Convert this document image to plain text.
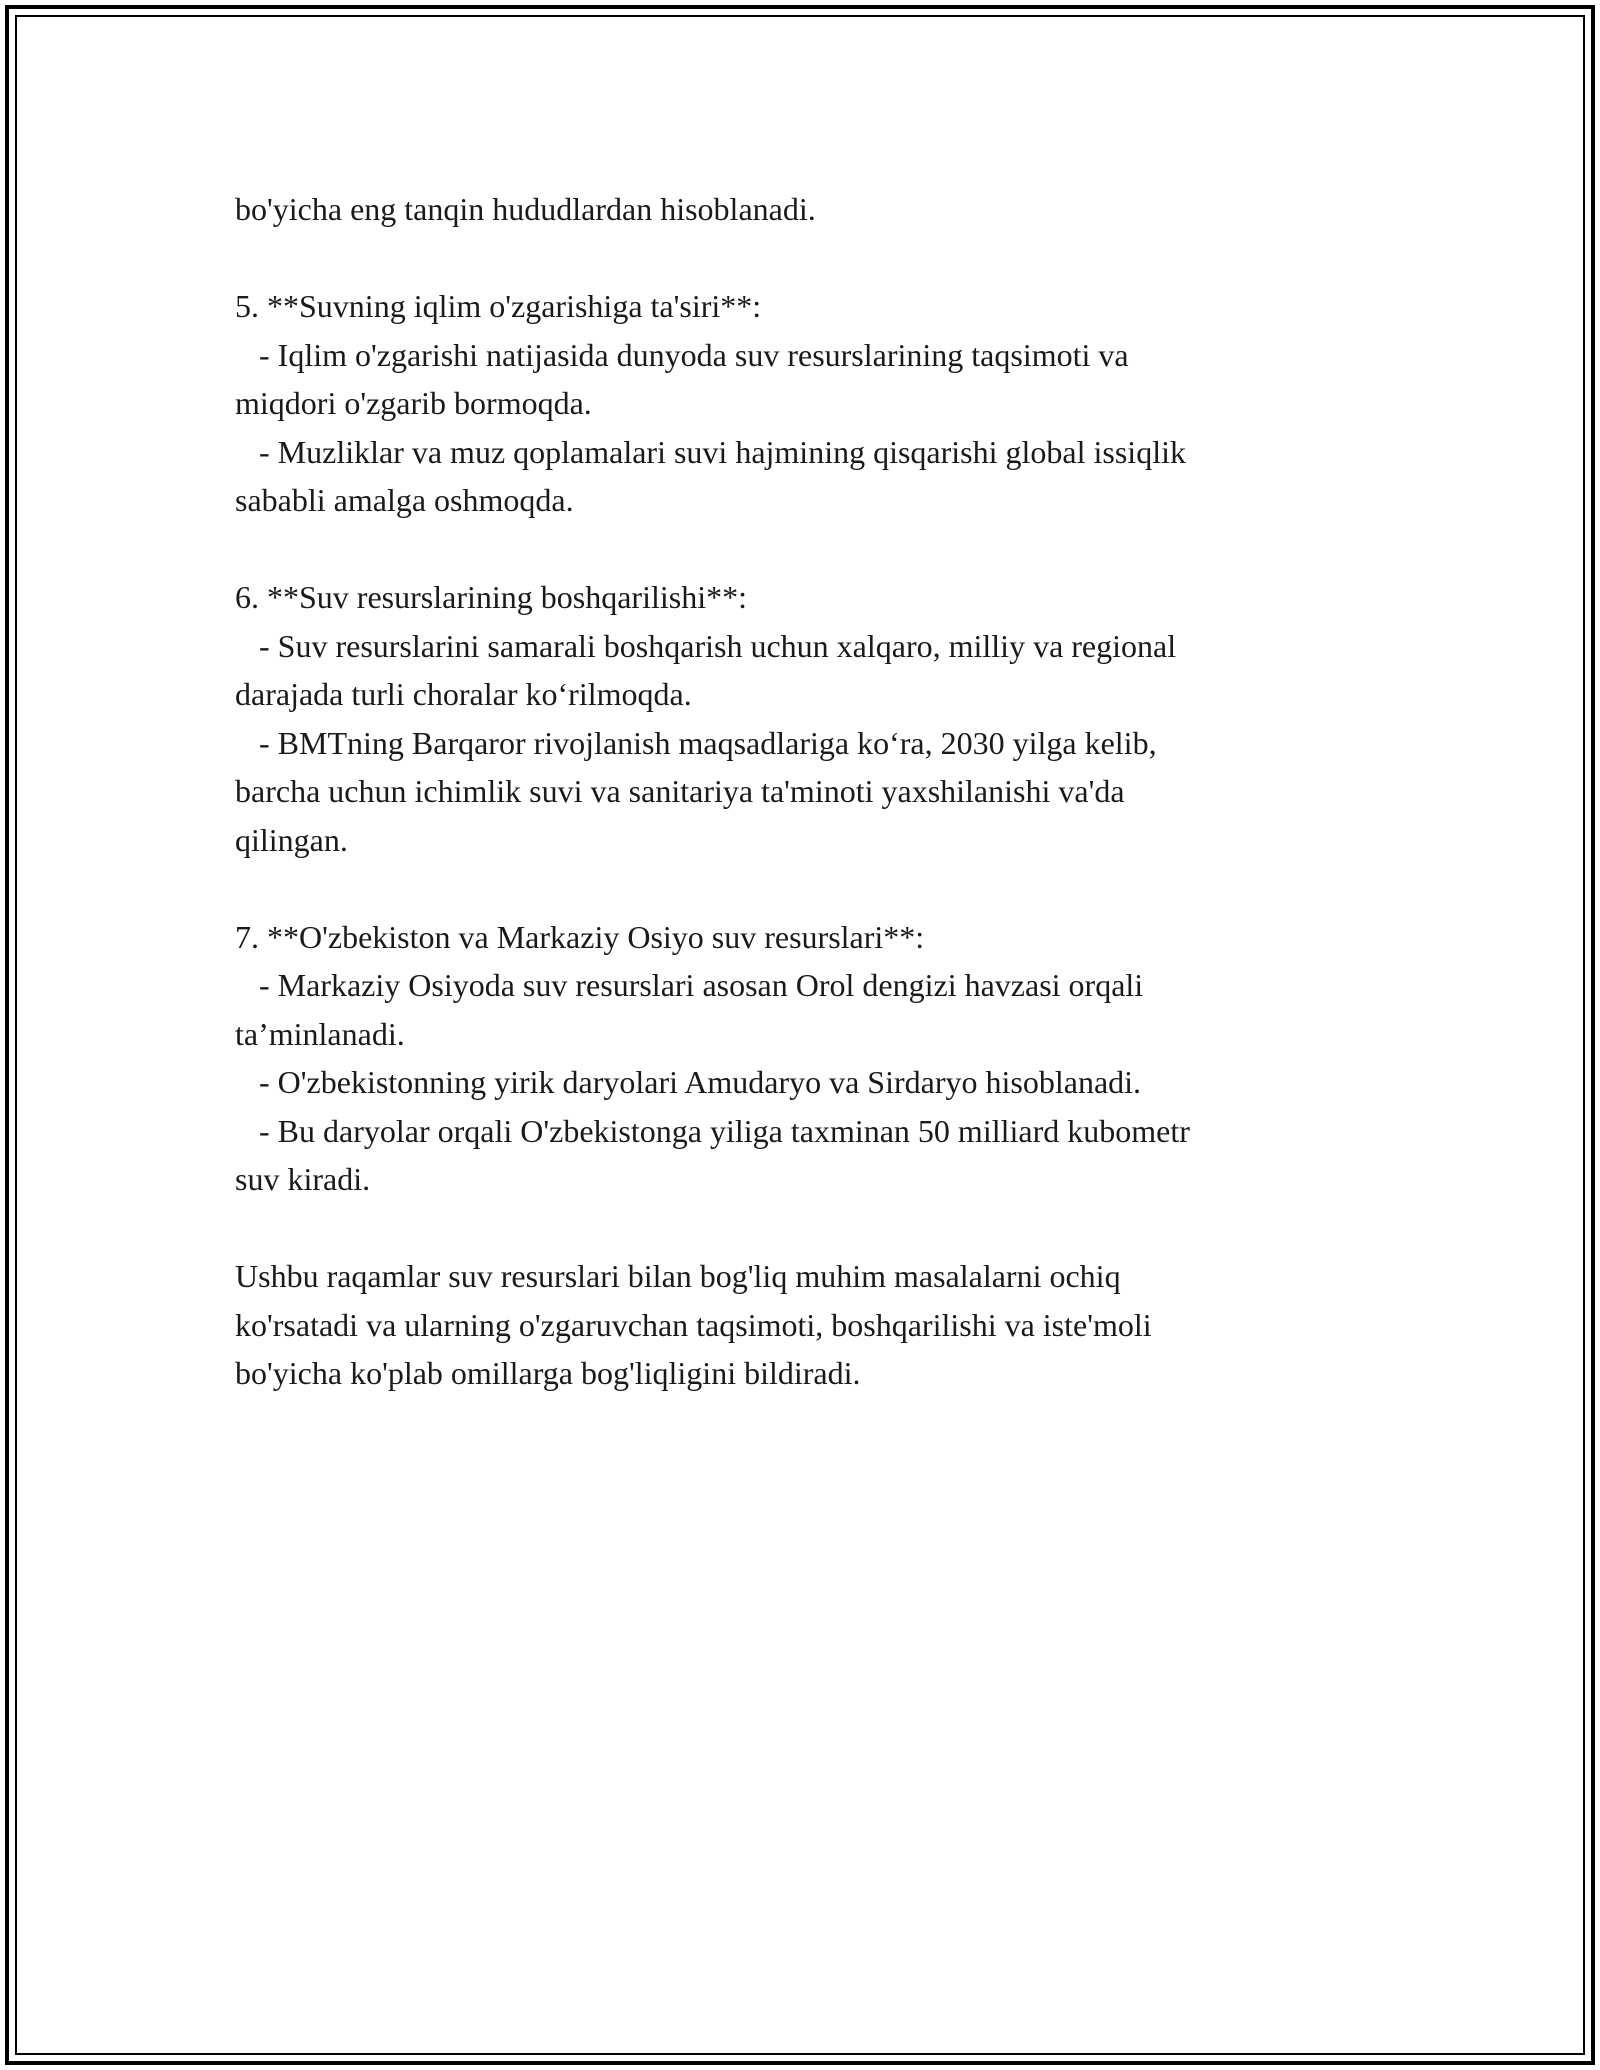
bo'yicha eng tanqin hududlardan hisoblanadi.
5. **Suvning iqlim o'zgarishiga ta'siri**:
- Iqlim o'zgarishi natijasida dunyoda suv resurslarining taqsimoti va
miqdori o'zgarib bormoqda.
- Muzliklar va muz qoplamalari suvi hajmining qisqarishi global issiqlik
sababli amalga oshmoqda.
6. **Suv resurslarining boshqarilishi**:
- Suv resurslarini samarali boshqarish uchun xalqaro, milliy va regional
darajada turli choralar koʻrilmoqda.
- BMTning Barqaror rivojlanish maqsadlariga koʻra, 2030 yilga kelib,
barcha uchun ichimlik suvi va sanitariya ta'minoti yaxshilanishi va'da
qilingan.
7. **O'zbekiston va Markaziy Osiyo suv resurslari**:
- Markaziy Osiyoda suv resurslari asosan Orol dengizi havzasi orqali
ta’minlanadi.
- O'zbekistonning yirik daryolari Amudaryo va Sirdaryo hisoblanadi.
- Bu daryolar orqali O'zbekistonga yiliga taxminan 50 milliard kubometr
suv kiradi.
Ushbu raqamlar suv resurslari bilan bog'liq muhim masalalarni ochiq
ko'rsatadi va ularning o'zgaruvchan taqsimoti, boshqarilishi va iste'moli
bo'yicha ko'plab omillarga bog'liqligini bildiradi.
